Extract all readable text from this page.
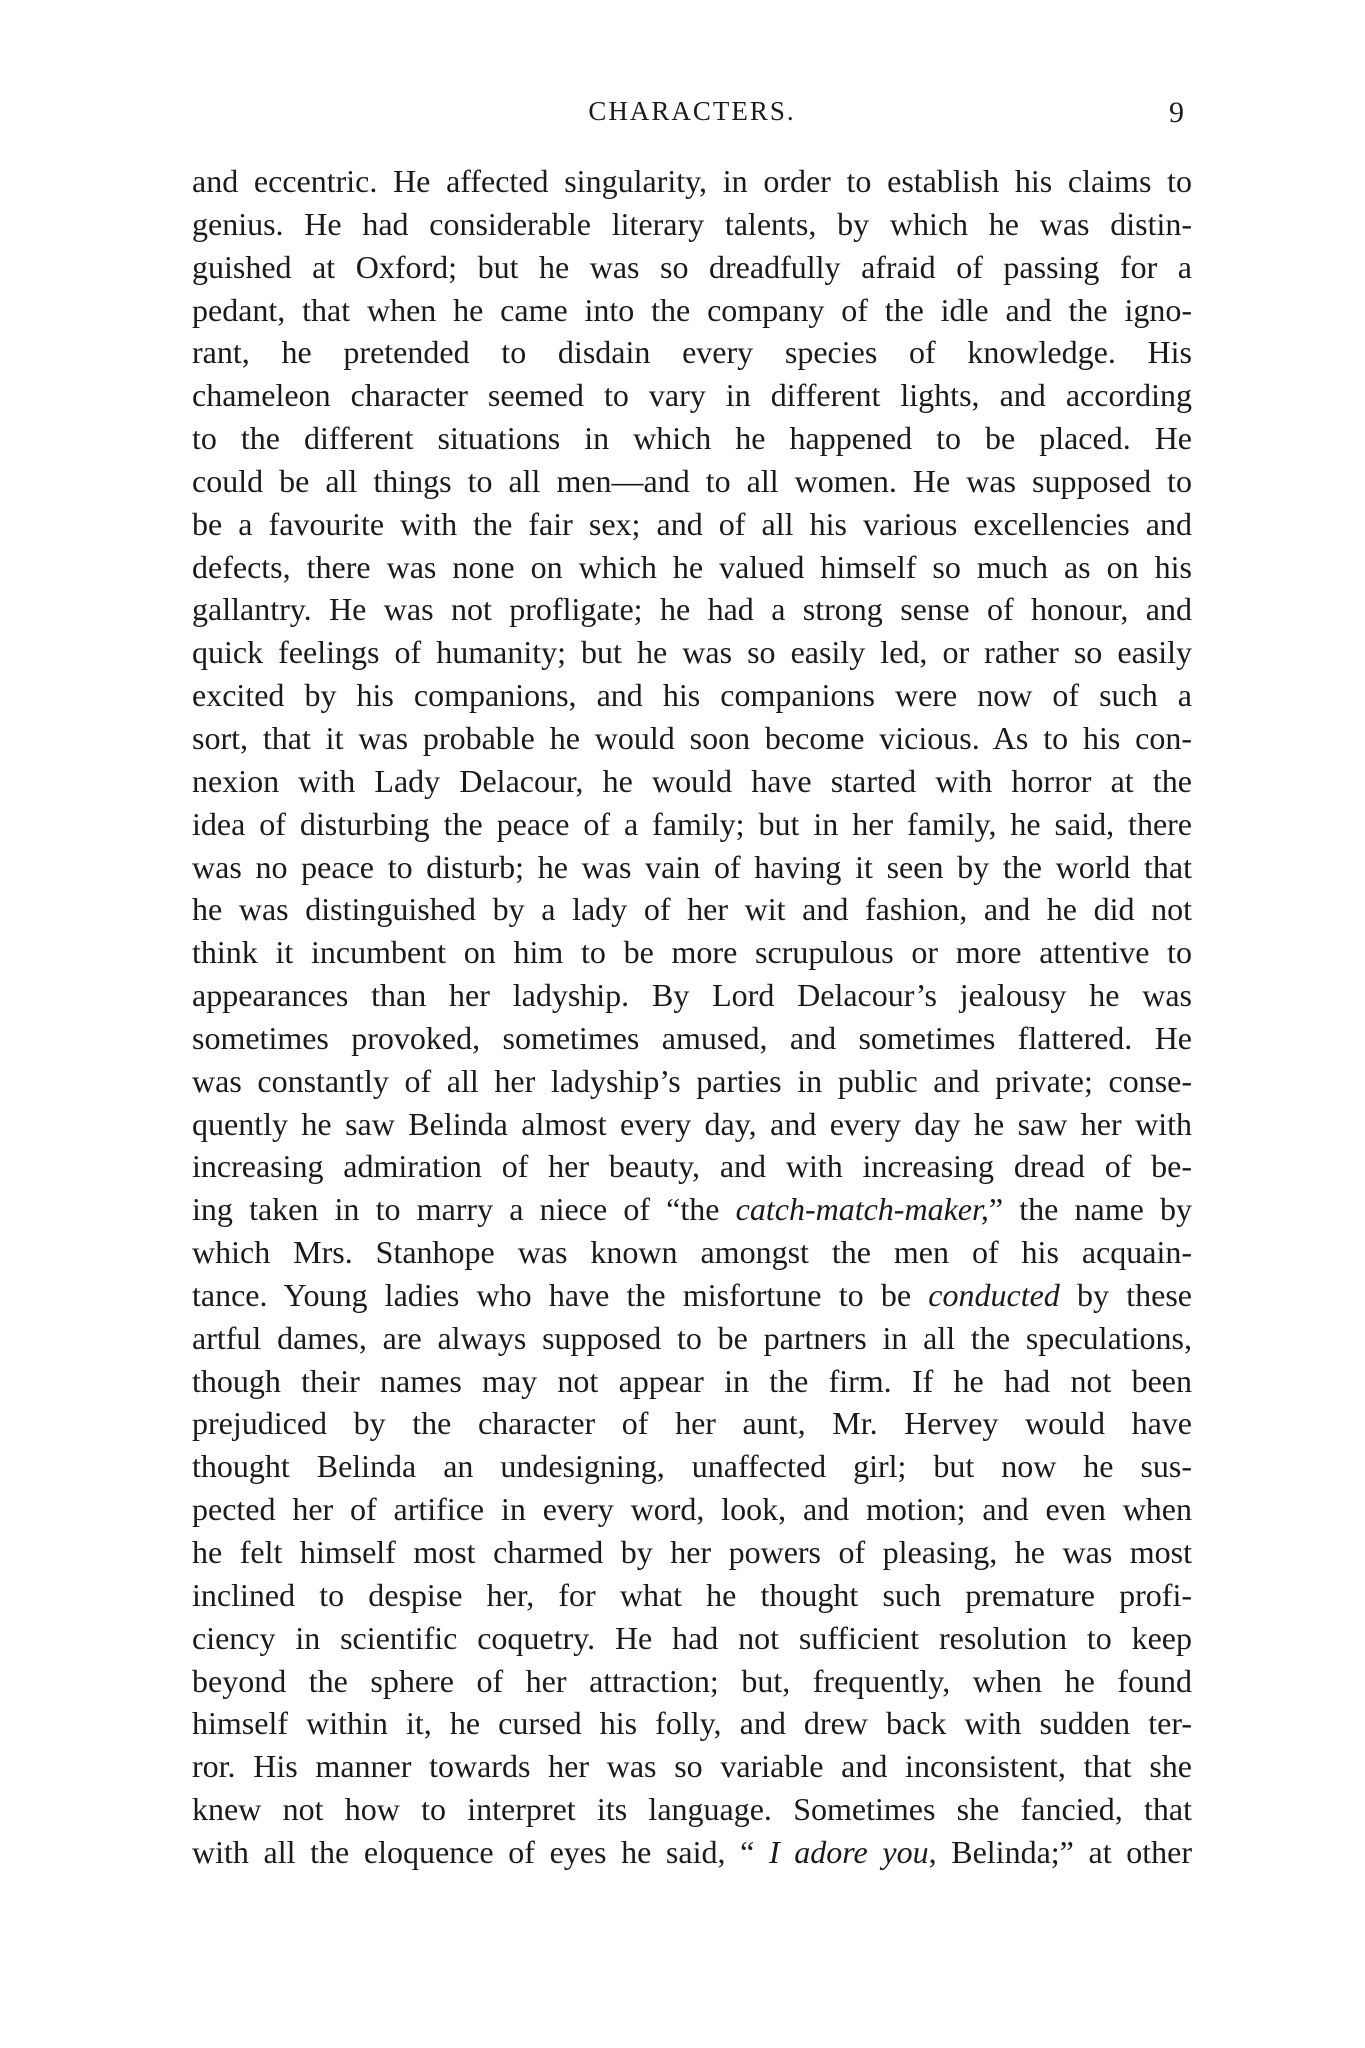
CHARACTERS.	9
and eccentric. He affected singularity, in order to establish his claims to
genius. He had considerable literary talents, by which he was distin-
guished at Oxford; but he was so dreadfully afraid of passing for a
pedant, that when he came into the company of the idle and the igno-
rant, he pretended to disdain every species of knowledge. His
chameleon character seemed to vary in different lights, and according
to the different situations in which he happened to be placed. He
could be all things to all men—and to all women. He was supposed to
be a favourite with the fair sex; and of all his various excellencies and
defects, there was none on which he valued himself so much as on his
gallantry. He was not profligate; he had a strong sense of honour, and
quick feelings of humanity; but he was so easily led, or rather so easily
excited by his companions, and his companions were now of such a
sort, that it was probable he would soon become vicious. As to his con-
nexion with Lady Delacour, he would have started with horror at the
idea of disturbing the peace of a family; but in her family, he said, there
was no peace to disturb; he was vain of having it seen by the world that
he was distinguished by a lady of her wit and fashion, and he did not
think it incumbent on him to be more scrupulous or more attentive to
appearances than her ladyship. By Lord Delacour’s jealousy he was
sometimes provoked, sometimes amused, and sometimes flattered. He
was constantly of all her ladyship’s parties in public and private; conse-
quently he saw Belinda almost every day, and every day he saw her with
increasing admiration of her beauty, and with increasing dread of be-
ing taken in to marry a niece of “the catch-match-maker,” the name by
which Mrs. Stanhope was known amongst the men of his acquain-
tance. Young ladies who have the misfortune to be conducted by these
artful dames, are always supposed to be partners in all the speculations,
though their names may not appear in the firm. If he had not been
prejudiced by the character of her aunt, Mr. Hervey would have
thought Belinda an undesigning, unaffected girl; but now he sus-
pected her of artifice in every word, look, and motion; and even when
he felt himself most charmed by her powers of pleasing, he was most
inclined to despise her, for what he thought such premature profi-
ciency in scientific coquetry. He had not sufficient resolution to keep
beyond the sphere of her attraction; but, frequently, when he found
himself within it, he cursed his folly, and drew back with sudden ter-
ror. His manner towards her was so variable and inconsistent, that she
knew not how to interpret its language. Sometimes she fancied, that
with all the eloquence of eyes he said, “ I adore you, Belinda;” at other
